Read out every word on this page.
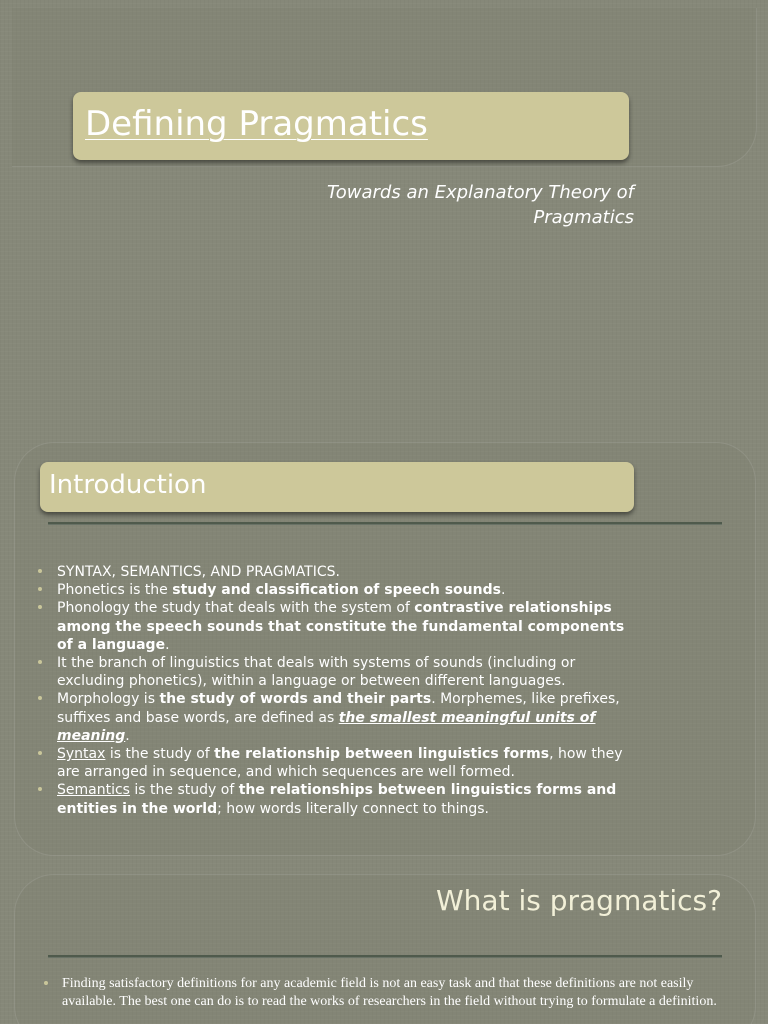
Defining Pragmatics
Towards an Explanatory Theory of Pragmatics
Introduction
SYNTAX, SEMANTICS, AND PRAGMATICS.
Phonetics is the study and classification of speech sounds.
Phonology the study that deals with the system of contrastive relationships among the speech sounds that constitute the fundamental components of a language.
It the branch of linguistics that deals with systems of sounds (including or excluding phonetics), within a language or between different languages.
Morphology is the study of words and their parts. Morphemes, like prefixes, suffixes and base words, are defined as the smallest meaningful units of meaning.
Syntax is the study of the relationship between linguistics forms, how they are arranged in sequence, and which sequences are well formed.
Semantics is the study of the relationships between linguistics forms and entities in the world; how words literally connect to things.
What is pragmatics?
Finding satisfactory definitions for any academic field is not an easy task and that these definitions are not easily available. The best one can do is to read the works of researchers in the field without trying to formulate a definition.
